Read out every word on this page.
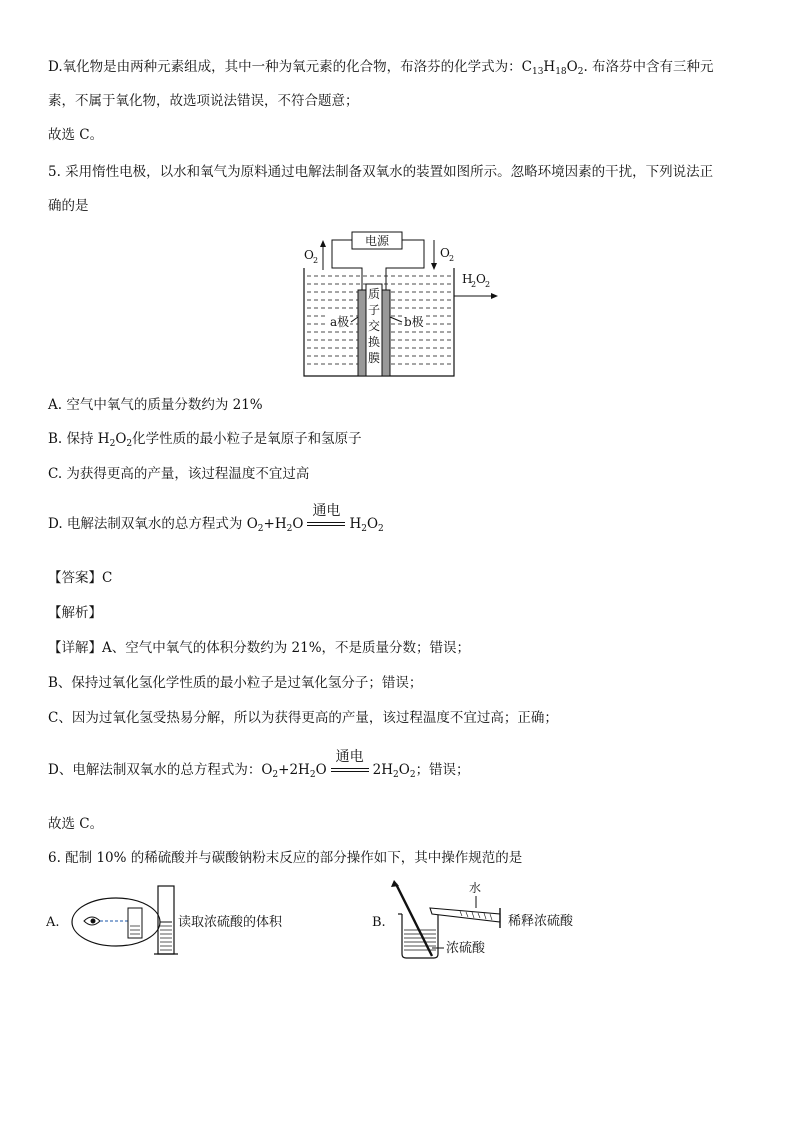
D.氧化物是由两种元素组成，其中一种为氧元素的化合物，布洛芬的化学式为：$C_{13}H_{18}O_2$. 布洛芬中含有三种元
素，不属于氧化物，故选项说法错误，不符合题意；
故选 C。
5. 采用惰性电极，以水和氧气为原料通过电解法制备双氧水的装置如图所示。忽略环境因素的干扰，下列说法正
确的是
电源
O 2
O 2
H
2 O 2
质
子
交
换
膜
a极	b极
A. 空气中氧气的质量分数约为 21%
B. 保持 $H_2O_2$化学性质的最小粒子是氧原子和氢原子
C. 为获得更高的产量，该过程温度不宜过高
D. 电解法制双氧水的总方程式为 $O_2+H_2O$
通电
$H_2O_2$
【答案】C
【解析】
【详解】A、空气中氧气的体积分数约为 21%，不是质量分数；错误；
B、保持过氧化氢化学性质的最小粒子是过氧化氢分子；错误；
C、因为过氧化氢受热易分解，所以为获得更高的产量，该过程温度不宜过高；正确；
D、电解法制双氧水的总方程式为：$O_2+2H_2O$
通电
$2H_2O_2$；错误；
故选 C。
6. 配制 10% 的稀硫酸并与碳酸钠粉末反应的部分操作如下，其中操作规范的是
A.	读取浓硫酸的体积	B.
水
稀释浓硫酸
浓硫酸
